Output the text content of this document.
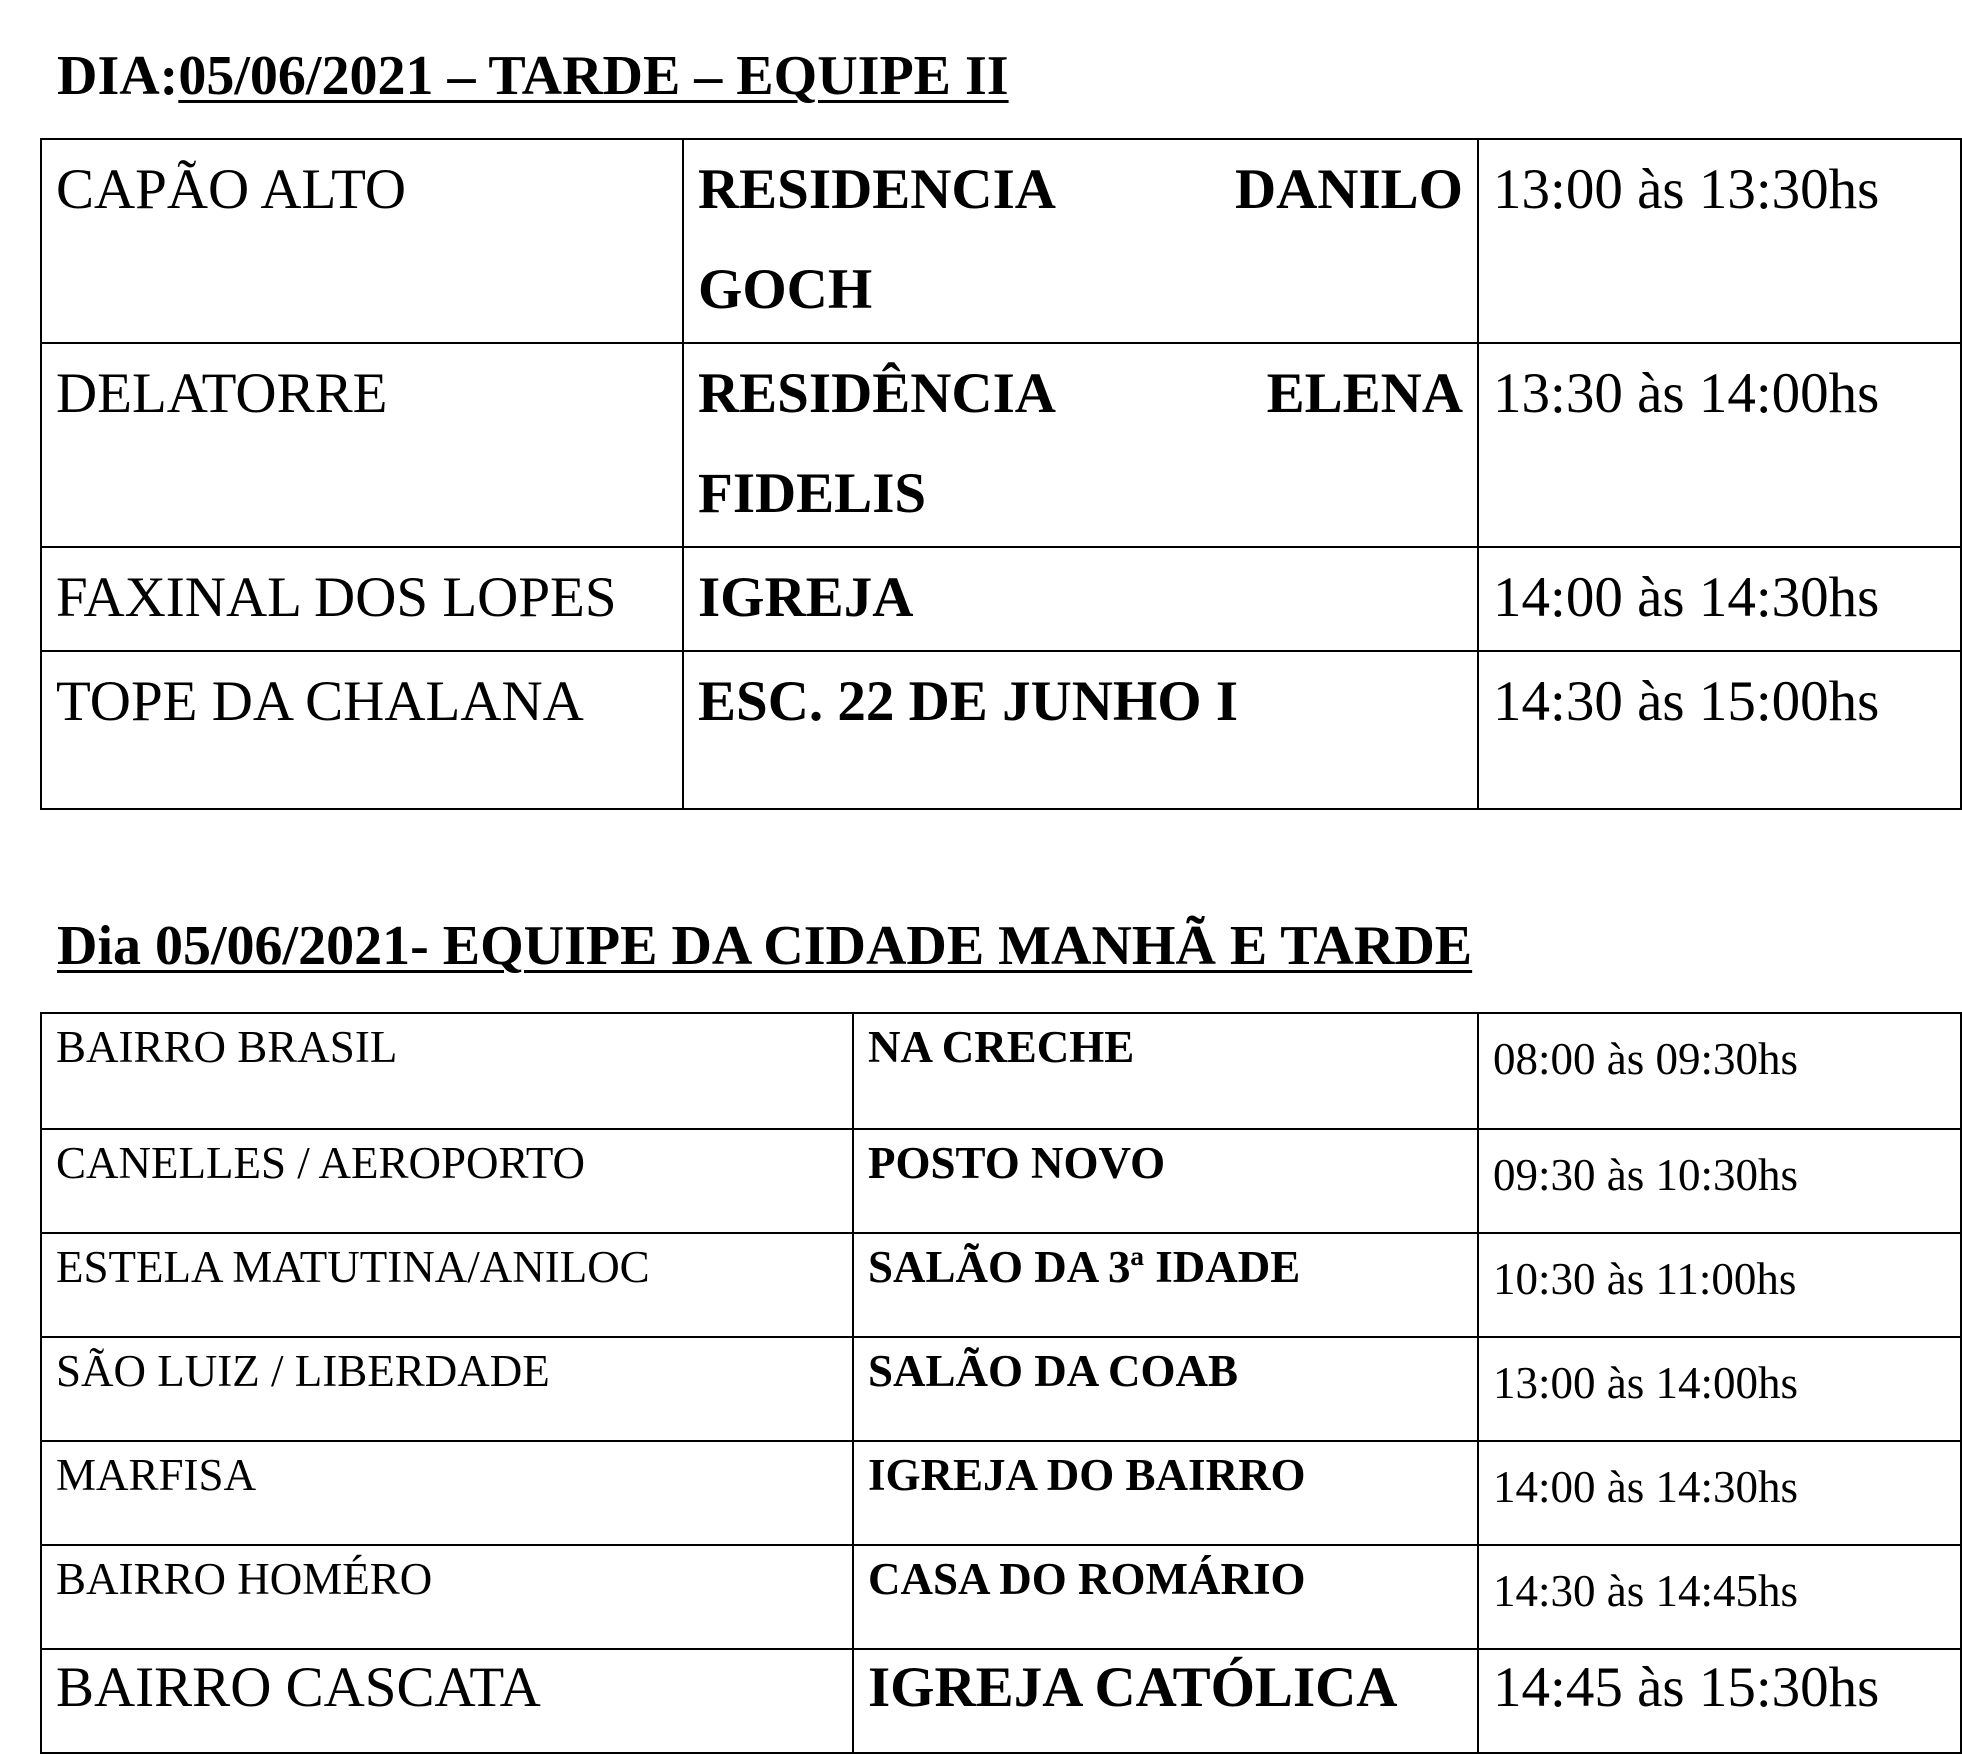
DIA:05/06/2021 – TARDE – EQUIPE II
CAPÃO ALTO	RESIDENCIA DANILO GOCH	13:00 às 13:30hs
DELATORRE	RESIDÊNCIA ELENA FIDELIS	13:30 às 14:00hs
FAXINAL DOS LOPES	IGREJA	14:00 às 14:30hs
TOPE DA CHALANA	ESC. 22 DE JUNHO I	14:30 às 15:00hs
Dia 05/06/2021- EQUIPE DA CIDADE MANHÃ E TARDE
BAIRRO BRASIL	NA CRECHE	08:00 às 09:30hs
CANELLES / AEROPORTO	POSTO NOVO	09:30 às 10:30hs
ESTELA MATUTINA/ANILOC	SALÃO DA 3ª IDADE	10:30 às 11:00hs
SÃO LUIZ / LIBERDADE	SALÃO DA COAB	13:00 às 14:00hs
MARFISA	IGREJA DO BAIRRO	14:00 às 14:30hs
BAIRRO HOMÉRO	CASA DO ROMÁRIO	14:30 às 14:45hs
BAIRRO CASCATA	IGREJA CATÓLICA	14:45 às 15:30hs
